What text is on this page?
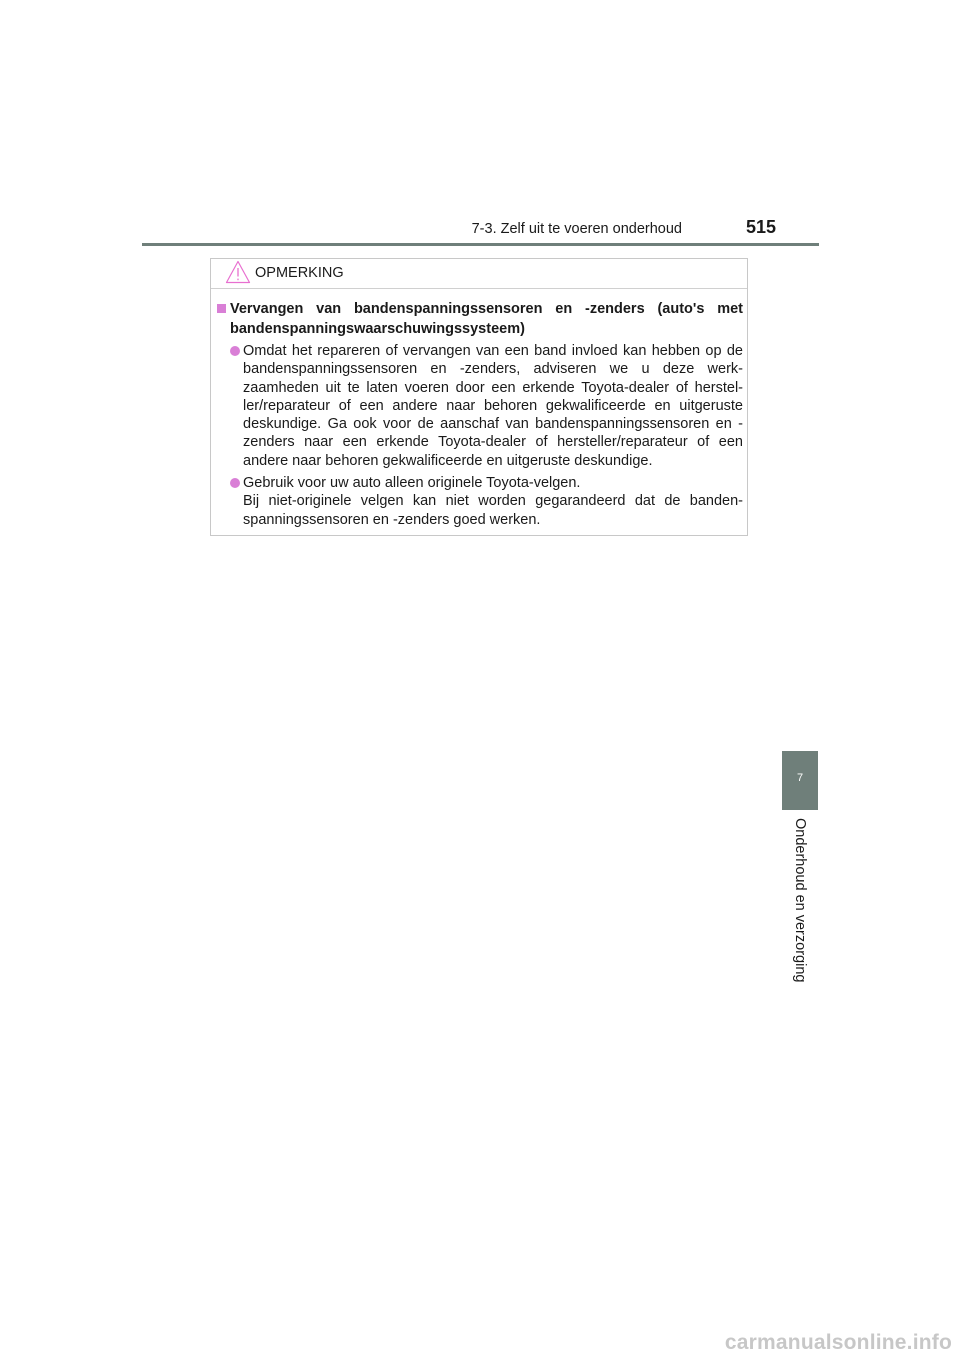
7-3. Zelf uit te voeren onderhoud	515
OPMERKING
Vervangen van bandenspanningssensoren en -zenders (auto's met bandenspanningswaarschuwingssysteem)

Omdat het repareren of vervangen van een band invloed kan hebben op de bandenspanningssensoren en -zenders, adviseren we u deze werk-zaamheden uit te laten voeren door een erkende Toyota-dealer of herstel-ler/reparateur of een andere naar behoren gekwalificeerde en uitgeruste deskundige. Ga ook voor de aanschaf van bandenspanningssensoren en -zenders naar een erkende Toyota-dealer of hersteller/reparateur of een andere naar behoren gekwalificeerde en uitgeruste deskundige.

Gebruik voor uw auto alleen originele Toyota-velgen.

Bij niet-originele velgen kan niet worden gegarandeerd dat de banden-spanningssensoren en -zenders goed werken.

7
Onderhoud en verzorging
carmanualsonline.info
